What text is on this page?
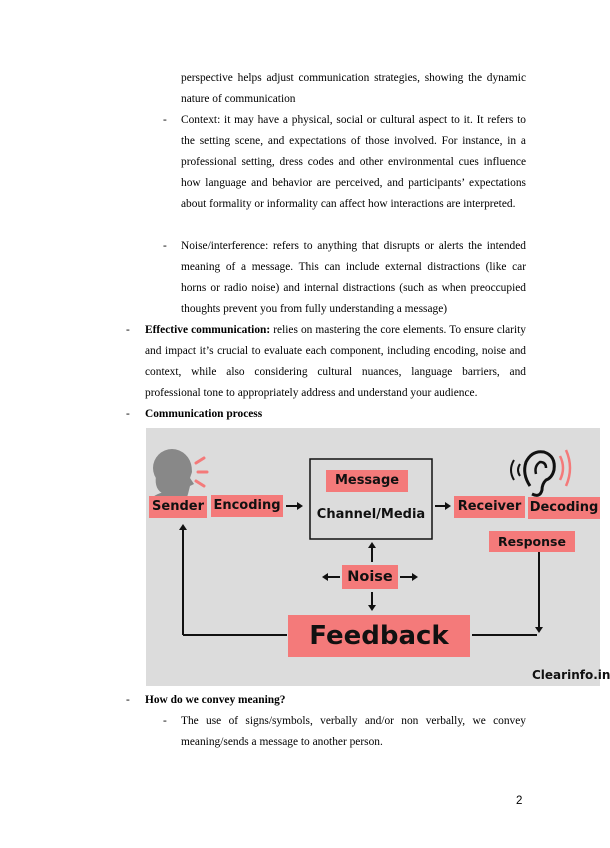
perspective helps adjust communication strategies, showing the dynamic nature of communication
- Context: it may have a physical, social or cultural aspect to it. It refers to the setting scene, and expectations of those involved. For instance, in a professional setting, dress codes and other environmental cues influence how language and behavior are perceived, and participants’ expectations about formality or informality can affect how interactions are interpreted.
- Noise/interference: refers to anything that disrupts or alerts the intended meaning of a message. This can include external distractions (like car horns or radio noise) and internal distractions (such as when preoccupied thoughts prevent you from fully understanding a message)
- Effective communication: relies on mastering the core elements. To ensure clarity and impact it’s crucial to evaluate each component, including encoding, noise and context, while also considering cultural nuances, language barriers, and professional tone to appropriately address and understand your audience.
- Communication process
Sender Encoding
Message
Channel/Media
Receiver Decoding
Response
Noise
Feedback
Clearinfo.in
- How do we convey meaning?
- The use of signs/symbols, verbally and/or non verbally, we convey meaning/sends a message to another person.
2
